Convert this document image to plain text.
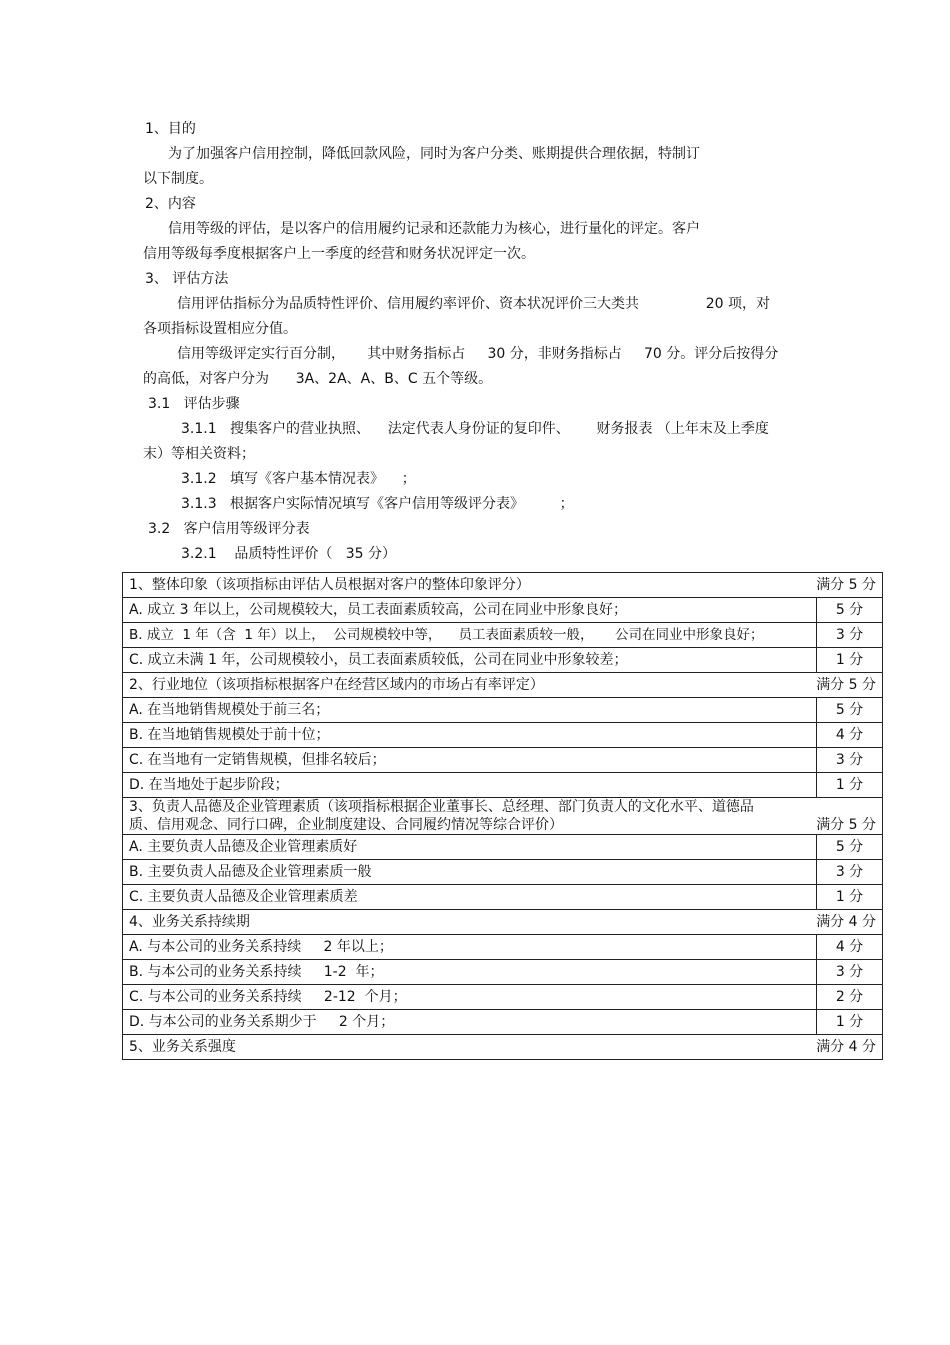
1、目的
为了加强客户信用控制，降低回款风险，同时为客户分类、账期提供合理依据，特制订
以下制度。
2、内容
信用等级的评估，是以客户的信用履约记录和还款能力为核心，进行量化的评定。客户
信用等级每季度根据客户上一季度的经营和财务状况评定一次。
3、 评估方法
信用评估指标分为品质特性评价、信用履约率评价、资本状况评价三大类共               20 项，对
各项指标设置相应分值。
信用等级评定实行百分制，     其中财务指标占     30 分，非财务指标占     70 分。评分后按得分
的高低，对客户分为      3A、2A、A、B、C 五个等级。
3.1   评估步骤
3.1.1   搜集客户的营业执照、    法定代表人身份证的复印件、      财务报表 （上年末及上季度
末）等相关资料；
3.1.2   填写《客户基本情况表》    ；
3.1.3   根据客户实际情况填写《客户信用等级评分表》        ；
3.2   客户信用等级评分表
3.2.1    品质特性评价（   35 分）
1、整体印象（该项指标由评估人员根据对客户的整体印象评分） 满分 5 分	

A. 成立 3 年以上，公司规模较大，员工表面素质较高，公司在同业中形象良好；	5 分
B. 成立  1 年（含  1 年）以上，  公司规模较中等，    员工表面素质较一般，     公司在同业中形象良好；	3 分
C. 成立未满 1 年，公司规模较小，员工表面素质较低，公司在同业中形象较差；	1 分

2、行业地位（该项指标根据客户在经营区域内的市场占有率评定） 满分 5 分	

A. 在当地销售规模处于前三名；	5 分
B. 在当地销售规模处于前十位；	4 分
C. 在当地有一定销售规模，但排名较后；	3 分
D. 在当地处于起步阶段；	1 分

3、负责人品德及企业管理素质（该项指标根据企业董事长、总经理、部门负责人的文化水平、道德品
质、信用观念、同行口碑，企业制度建设、合同履约情况等综合评价） 满分 5 分	

A. 主要负责人品德及企业管理素质好	5 分
B. 主要负责人品德及企业管理素质一般	3 分
C. 主要负责人品德及企业管理素质差	1 分

4、业务关系持续期 满分 4 分	

A. 与本公司的业务关系持续     2 年以上；	4 分
B. 与本公司的业务关系持续     1-2  年；	3 分
C. 与本公司的业务关系持续     2-12  个月；	2 分
D. 与本公司的业务关系期少于     2 个月；	1 分

5、业务关系强度 满分 4 分	
